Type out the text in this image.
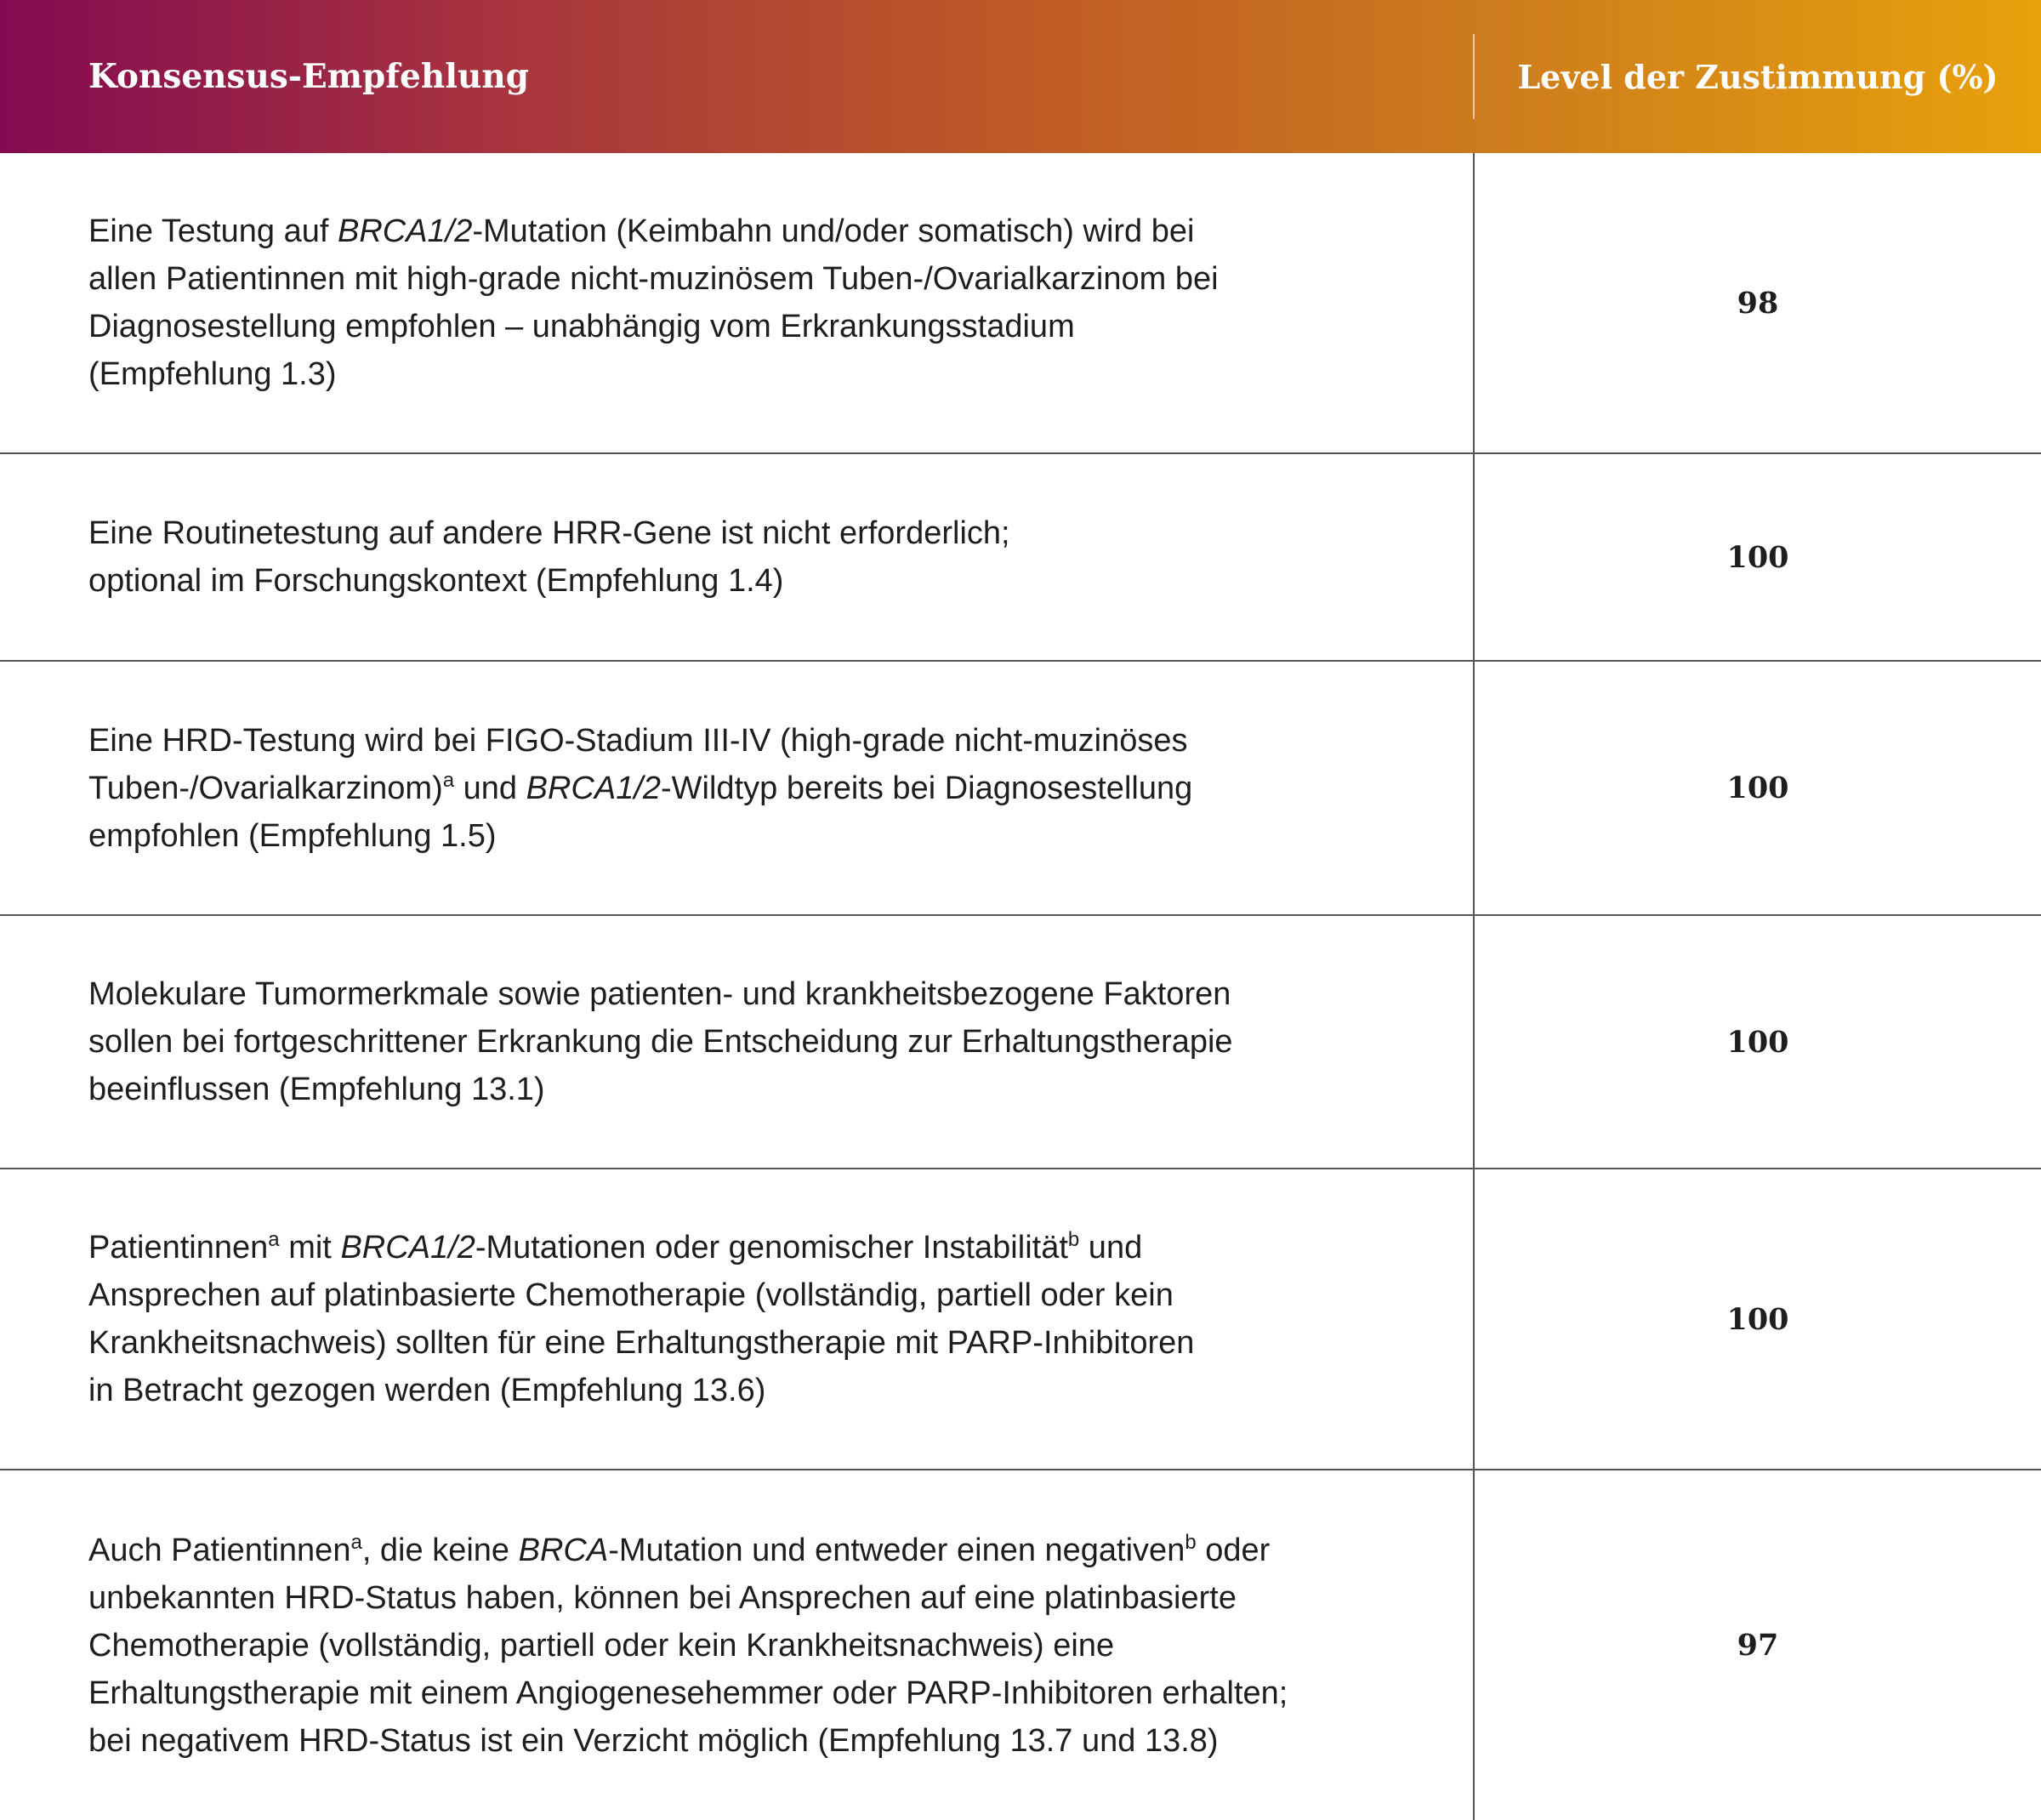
Konsensus-Empfehlung	Level der Zustimmung (%)

Eine Testung auf BRCA1/2-Mutation (Keimbahn und/oder somatisch) wird bei
allen Patientinnen mit high-grade nicht-muzinösem Tuben-/Ovarialkarzinom bei
Diagnosestellung empfohlen – unabhängig vom Erkrankungsstadium
(Empfehlung 1.3)

98

Eine Routinetestung auf andere HRR-Gene ist nicht erforderlich;
optional im Forschungskontext (Empfehlung 1.4)

100

Eine HRD-Testung wird bei FIGO-Stadium III-IV (high-grade nicht-muzinöses
Tuben-/Ovarialkarzinom)$^a$ und BRCA1/2-Wildtyp bereits bei Diagnosestellung
empfohlen (Empfehlung 1.5)

100

Molekulare Tumormerkmale sowie patienten- und krankheitsbezogene Faktoren
sollen bei fortgeschrittener Erkrankung die Entscheidung zur Erhaltungstherapie
beeinflussen (Empfehlung 13.1)

100

Patientinnen$^a$ mit BRCA1/2-Mutationen oder genomischer Instabilität$^b$ und
Ansprechen auf platinbasierte Chemotherapie (vollständig, partiell oder kein
Krankheitsnachweis) sollten für eine Erhaltungstherapie mit PARP-Inhibitoren
in Betracht gezogen werden (Empfehlung 13.6)

100

Auch Patientinnen$^a$, die keine BRCA-Mutation und entweder einen negativen$^b$ oder
unbekannten HRD-Status haben, können bei Ansprechen auf eine platinbasierte
Chemotherapie (vollständig, partiell oder kein Krankheitsnachweis) eine
Erhaltungstherapie mit einem Angiogenesehemmer oder PARP-Inhibitoren erhalten;
bei negativem HRD-Status ist ein Verzicht möglich (Empfehlung 13.7 und 13.8)

97
